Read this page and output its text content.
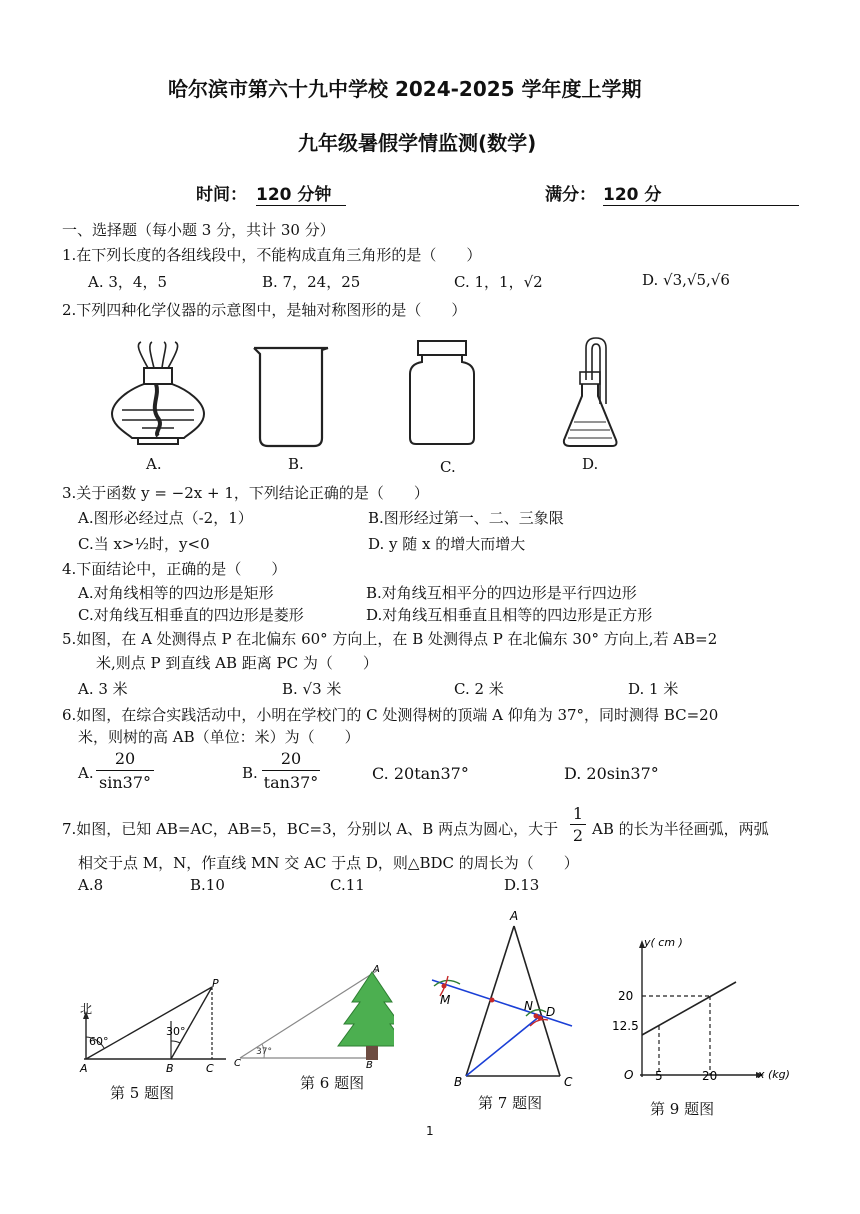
哈尔滨市第六十九中学校 2024-2025 学年度上学期
九年级暑假学情监测(数学)
时间： 120 分钟	满分： 120 分
一、选择题（每小题 3 分，共计 30 分）
1.在下列长度的各组线段中，不能构成直角三角形的是（　　）
A. 3，4，5	B. 7，24，25	C. 1，1，√2	D. √3,√5,√6
2.下列四种化学仪器的示意图中，是轴对称图形的是（　　）
A.	B.	C.	D.
3.关于函数 y = −2x + 1，下列结论正确的是（　　）
A.图形必经过点（-2，1）	B.图形经过第一、二、三象限
C.当 x>½时，y<0	D. y 随 x 的增大而增大
4.下面结论中，正确的是（　　）
A.对角线相等的四边形是矩形	B.对角线互相平分的四边形是平行四边形
C.对角线互相垂直的四边形是菱形	D.对角线互相垂直且相等的四边形是正方形
5.如图，在 A 处测得点 P 在北偏东 60° 方向上，在 B 处测得点 P 在北偏东 30° 方向上,若 AB=2
米,则点 P 到直线 AB 距离 PC 为（　　）
A. 3 米	B. √3 米	C. 2 米	D. 1 米
6.如图，在综合实践活动中，小明在学校门的 C 处测得树的顶端 A 仰角为 37°，同时测得 BC=20
米，则树的高 AB（单位：米）为（　　）
A. $\frac{20}{\sin 37^\circ}$	B. $\frac{20}{\tan 37^\circ}$	C. 20tan37°	D. 20sin37°
7.如图，已知 AB=AC，AB=5，BC=3，分别以 A、B 两点为圆心，大于 $\frac{1}{2}$ AB 的长为半径画弧，两弧
相交于点 M，N，作直线 MN 交 AC 于点 D，则△BDC 的周长为（　　）
A.8	B.10	C.11	D.13
北
60°
30°
A	B	C
P
第 5 题图
37°
A
B
C
第 6 题图
A
B	C
D
M	N
第 7 题图
y( cm )
x (kg)
O
20
12.5
5	20
第 9 题图
1
